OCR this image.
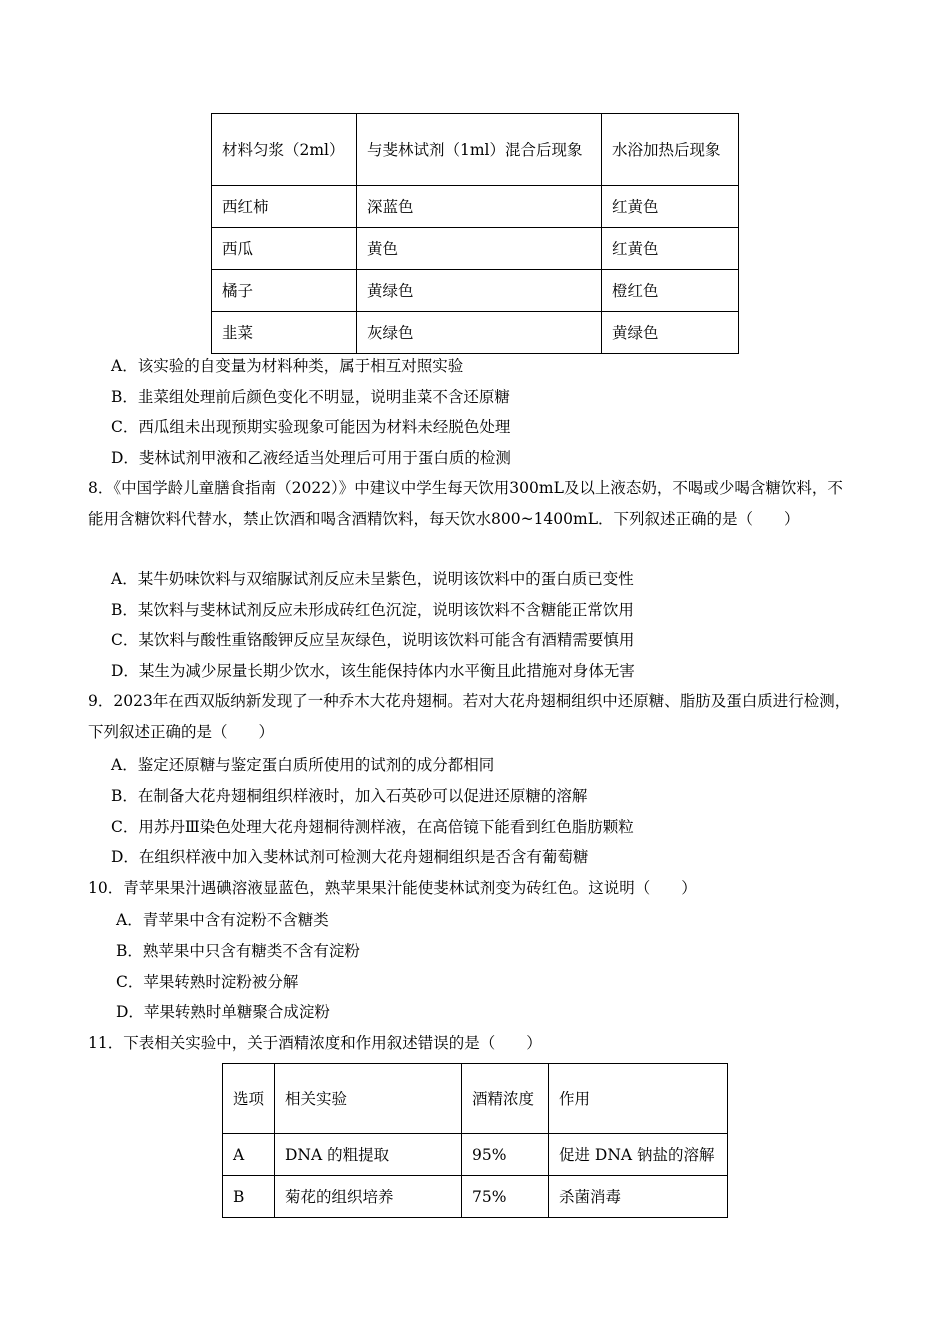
材料匀浆（2ml）	与斐林试剂（1ml）混合后现象	水浴加热后现象
西红柿	深蓝色	红黄色
西瓜	黄色	红黄色
橘子	黄绿色	橙红色
韭菜	灰绿色	黄绿色
A．该实验的自变量为材料种类，属于相互对照实验
B．韭菜组处理前后颜色变化不明显，说明韭菜不含还原糖
C．西瓜组未出现预期实验现象可能因为材料未经脱色处理
D．斐林试剂甲液和乙液经适当处理后可用于蛋白质的检测
8．《中国学龄儿童膳食指南（2022）》中建议中学生每天饮用300mL及以上液态奶，不喝或少喝含糖饮料，不能用含糖饮料代替水，禁止饮酒和喝含酒精饮料，每天饮水800~1400mL．下列叙述正确的是（　　）
A．某牛奶味饮料与双缩脲试剂反应未呈紫色，说明该饮料中的蛋白质已变性
B．某饮料与斐林试剂反应未形成砖红色沉淀，说明该饮料不含糖能正常饮用
C．某饮料与酸性重铬酸钾反应呈灰绿色，说明该饮料可能含有酒精需要慎用
D．某生为减少尿量长期少饮水，该生能保持体内水平衡且此措施对身体无害
9．2023年在西双版纳新发现了一种乔木大花舟翅桐。若对大花舟翅桐组织中还原糖、脂肪及蛋白质进行检测，下列叙述正确的是（　　）
A．鉴定还原糖与鉴定蛋白质所使用的试剂的成分都相同
B．在制备大花舟翅桐组织样液时，加入石英砂可以促进还原糖的溶解
C．用苏丹Ⅲ染色处理大花舟翅桐待测样液，在高倍镜下能看到红色脂肪颗粒
D．在组织样液中加入斐林试剂可检测大花舟翅桐组织是否含有葡萄糖
10．青苹果果汁遇碘溶液显蓝色，熟苹果果汁能使斐林试剂变为砖红色。这说明（　　）
A．青苹果中含有淀粉不含糖类
B．熟苹果中只含有糖类不含有淀粉
C．苹果转熟时淀粉被分解
D．苹果转熟时单糖聚合成淀粉
11．下表相关实验中，关于酒精浓度和作用叙述错误的是（　　）
选项	相关实验	酒精浓度	作用
A	DNA 的粗提取	95%	促进 DNA 钠盐的溶解
B	菊花的组织培养	75%	杀菌消毒
